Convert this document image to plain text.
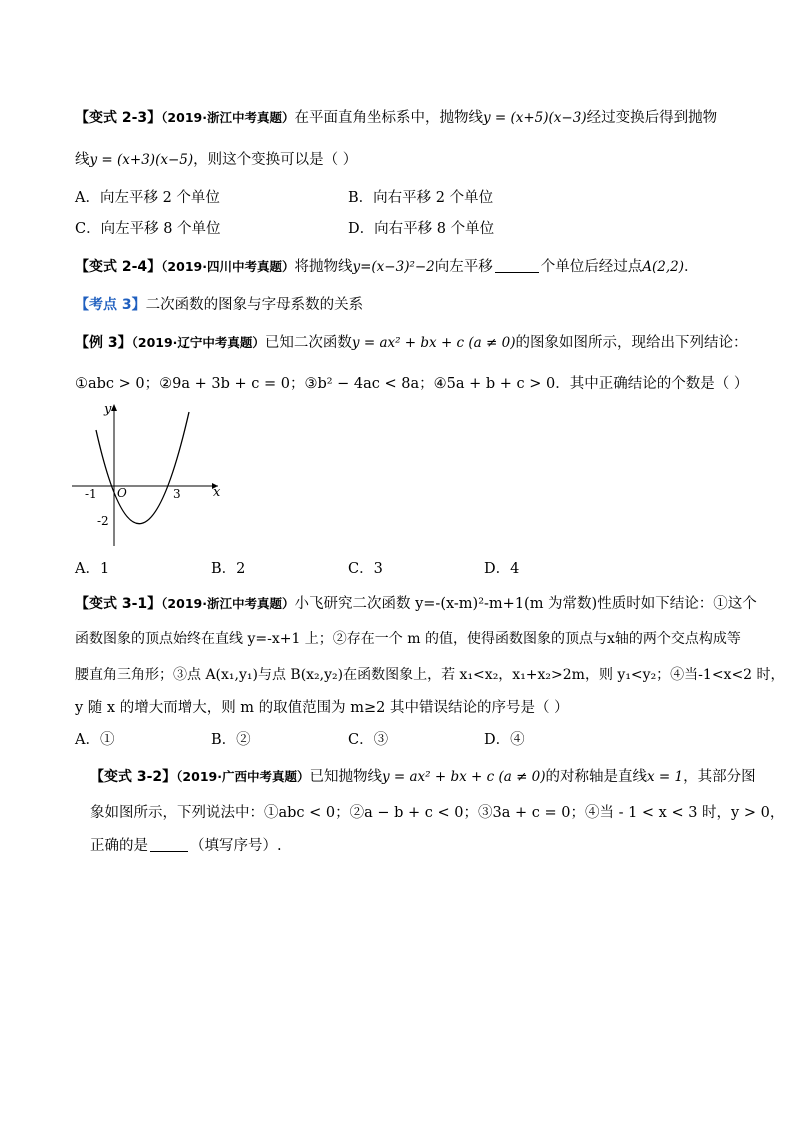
【变式 2-3】（2019·浙江中考真题）在平面直角坐标系中，抛物线y = (x+5)(x−3)经过变换后得到抛物
线y = (x+3)(x−5)，则这个变换可以是（ ）
A．向左平移 2 个单位	B．向右平移 2 个单位
C．向左平移 8 个单位	D．向右平移 8 个单位
【变式 2-4】（2019·四川中考真题）将抛物线y=(x−3)²−2向左平移	个单位后经过点A(2,2)．
【考点 3】二次函数的图象与字母系数的关系
【例 3】（2019·辽宁中考真题）已知二次函数y = ax² + bx + c (a ≠ 0)的图象如图所示，现给出下列结论：
①abc > 0；②9a + 3b + c = 0；③b² − 4ac < 8a；④5a + b + c > 0．其中正确结论的个数是（ ）
y
x
O
-1	3
-2
A．1	B．2	C．3	D．4
【变式 3-1】（2019·浙江中考真题）小飞研究二次函数 y=-(x-m)²-m+1(m 为常数)性质时如下结论：①这个
函数图象的顶点始终在直线 y=-x+1 上；②存在一个 m 的值，使得函数图象的顶点与x轴的两个交点构成等
腰直角三角形；③点 A(x₁,y₁)与点 B(x₂,y₂)在函数图象上，若 x₁<x₂，x₁+x₂>2m，则 y₁<y₂；④当-1<x<2 时，
y 随 x 的增大而增大，则 m 的取值范围为 m≥2 其中错误结论的序号是（ ）
A．①	B．②	C．③	D．④
【变式 3-2】（2019·广西中考真题）已知抛物线y = ax² + bx + c (a ≠ 0)的对称轴是直线x = 1，其部分图
象如图所示，下列说法中：①abc < 0；②a − b + c < 0；③3a + c = 0；④当 - 1 < x < 3 时，y > 0，
正确的是	（填写序号）.
